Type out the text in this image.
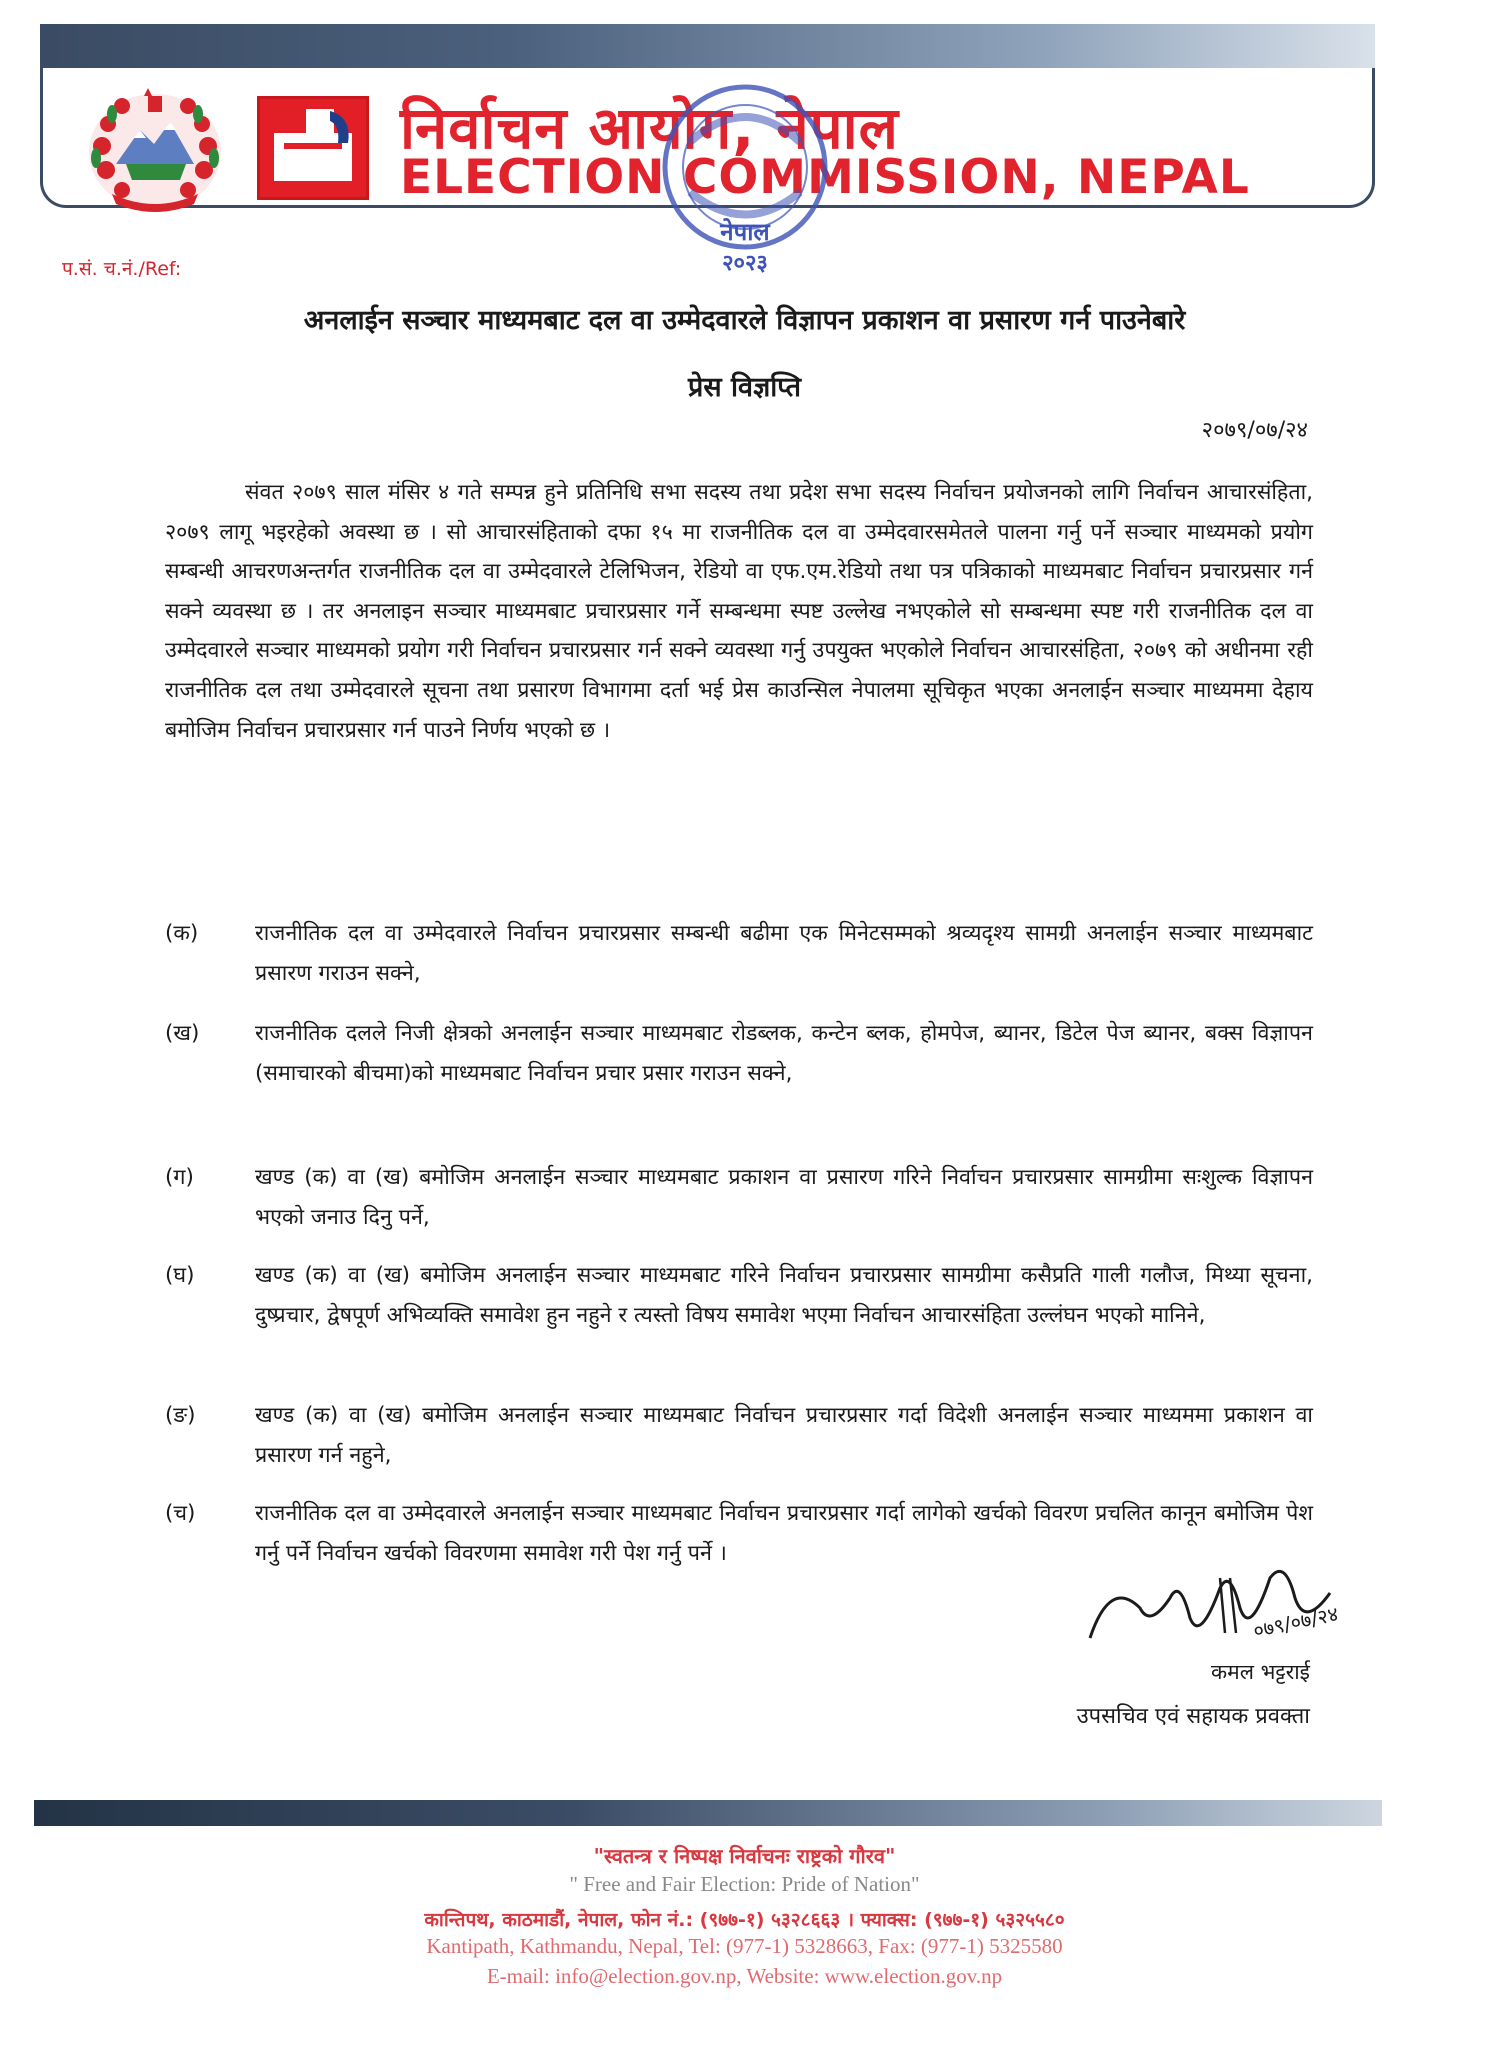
निर्वाचन आयोग, नेपाल
ELECTION COMMISSION, NEPAL
नेपाल
२०२३
प.सं. च.नं./Ref:
अनलाईन सञ्चार माध्यमबाट दल वा उम्मेदवारले विज्ञापन प्रकाशन वा प्रसारण गर्न पाउनेबारे
प्रेस विज्ञप्ति
२०७९/०७/२४
संवत २०७९ साल मंसिर ४ गते सम्पन्न हुने प्रतिनिधि सभा सदस्य तथा प्रदेश सभा सदस्य निर्वाचन प्रयोजनको लागि निर्वाचन आचारसंहिता, २०७९ लागू भइरहेको अवस्था छ । सो आचारसंहिताको दफा १५ मा राजनीतिक दल वा उम्मेदवारसमेतले पालना गर्नु पर्ने सञ्चार माध्यमको प्रयोग सम्बन्धी आचरणअन्तर्गत राजनीतिक दल वा उम्मेदवारले टेलिभिजन, रेडियो वा एफ.एम.रेडियो तथा पत्र पत्रिकाको माध्यमबाट निर्वाचन प्रचारप्रसार गर्न सक्ने व्यवस्था छ । तर अनलाइन सञ्चार माध्यमबाट प्रचारप्रसार गर्ने सम्बन्धमा स्पष्ट उल्लेख नभएकोले सो सम्बन्धमा स्पष्ट गरी राजनीतिक दल वा उम्मेदवारले सञ्चार माध्यमको प्रयोग गरी निर्वाचन प्रचारप्रसार गर्न सक्ने व्यवस्था गर्नु उपयुक्त भएकोले निर्वाचन आचारसंहिता, २०७९ को अधीनमा रही राजनीतिक दल तथा उम्मेदवारले सूचना तथा प्रसारण विभागमा दर्ता भई प्रेस काउन्सिल नेपालमा सूचिकृत भएका अनलाईन सञ्चार माध्यममा देहाय बमोजिम निर्वाचन प्रचारप्रसार गर्न पाउने निर्णय भएको छ ।
(क)	राजनीतिक दल वा उम्मेदवारले निर्वाचन प्रचारप्रसार सम्बन्धी बढीमा एक मिनेटसम्मको श्रव्यदृश्य सामग्री अनलाईन सञ्चार माध्यमबाट प्रसारण गराउन सक्ने,
(ख)	राजनीतिक दलले निजी क्षेत्रको अनलाईन सञ्चार माध्यमबाट रोडब्लक, कन्टेन ब्लक, होमपेज, ब्यानर, डिटेल पेज ब्यानर, बक्स विज्ञापन (समाचारको बीचमा)को माध्यमबाट निर्वाचन प्रचार प्रसार गराउन सक्ने,
(ग)	खण्ड (क) वा (ख) बमोजिम अनलाईन सञ्चार माध्यमबाट प्रकाशन वा प्रसारण गरिने निर्वाचन प्रचारप्रसार सामग्रीमा सःशुल्क विज्ञापन भएको जनाउ दिनु पर्ने,
(घ)	खण्ड (क) वा (ख) बमोजिम अनलाईन सञ्चार माध्यमबाट गरिने निर्वाचन प्रचारप्रसार सामग्रीमा कसैप्रति गाली गलौज, मिथ्या सूचना, दुष्प्रचार, द्वेषपूर्ण अभिव्यक्ति समावेश हुन नहुने र त्यस्तो विषय समावेश भएमा निर्वाचन आचारसंहिता उल्लंघन भएको मानिने,
(ङ)	खण्ड (क) वा (ख) बमोजिम अनलाईन सञ्चार माध्यमबाट निर्वाचन प्रचारप्रसार गर्दा विदेशी अनलाईन सञ्चार माध्यममा प्रकाशन वा प्रसारण गर्न नहुने,
(च)	राजनीतिक दल वा उम्मेदवारले अनलाईन सञ्चार माध्यमबाट निर्वाचन प्रचारप्रसार गर्दा लागेको खर्चको विवरण प्रचलित कानून बमोजिम पेश गर्नु पर्ने निर्वाचन खर्चको विवरणमा समावेश गरी पेश गर्नु पर्ने ।
०७९/०७/२४
कमल भट्टराई
उपसचिव एवं सहायक प्रवक्ता
"स्वतन्त्र र निष्पक्ष निर्वाचनः राष्ट्रको गौरव"
" Free and Fair Election: Pride of Nation"
कान्तिपथ, काठमाडौं, नेपाल, फोन नं.: (९७७-१) ५३२८६६३ । फ्याक्स: (९७७-१) ५३२५५८०
Kantipath, Kathmandu, Nepal, Tel: (977-1) 5328663, Fax: (977-1) 5325580
E-mail: info@election.gov.np, Website: www.election.gov.np
